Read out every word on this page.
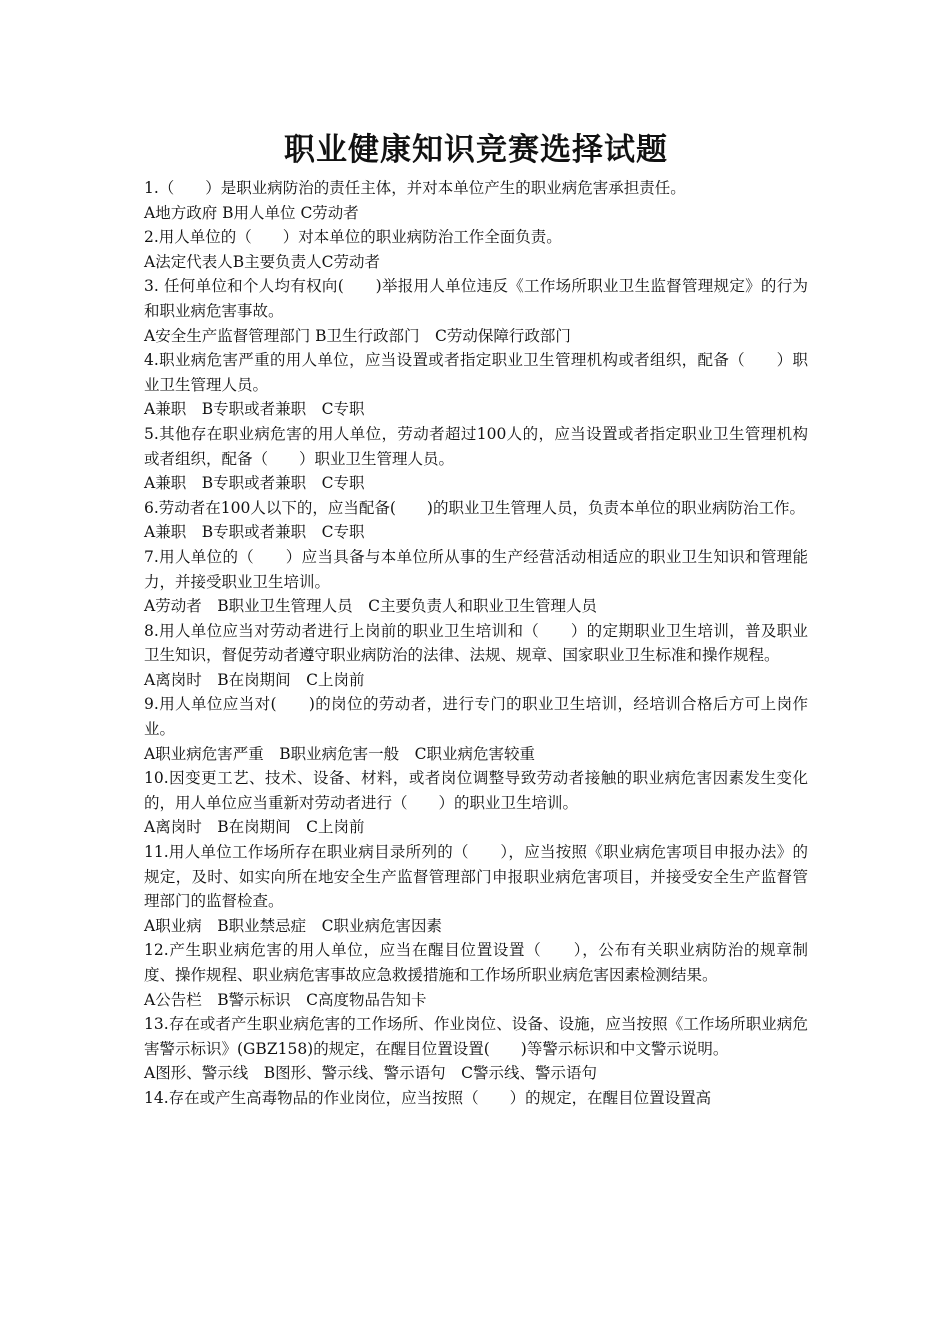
职业健康知识竞赛选择试题

1.（　　）是职业病防治的责任主体，并对本单位产生的职业病危害承担责任。

A地方政府 B用人单位 C劳动者

2.用人单位的（　　）对本单位的职业病防治工作全面负责。

A法定代表人B主要负责人C劳动者

3. 任何单位和个人均有权向(　　)举报用人单位违反《工作场所职业卫生监督管理规定》的行为和职业病危害事故。

A安全生产监督管理部门 B卫生行政部门　C劳动保障行政部门

4.职业病危害严重的用人单位，应当设置或者指定职业卫生管理机构或者组织，配备（　　）职业卫生管理人员。

A兼职　B专职或者兼职　C专职

5.其他存在职业病危害的用人单位，劳动者超过100人的，应当设置或者指定职业卫生管理机构或者组织，配备（　　）职业卫生管理人员。

A兼职　B专职或者兼职　C专职

6.劳动者在100人以下的，应当配备(　　)的职业卫生管理人员，负责本单位的职业病防治工作。

A兼职　B专职或者兼职　C专职

7.用人单位的（　　）应当具备与本单位所从事的生产经营活动相适应的职业卫生知识和管理能力，并接受职业卫生培训。

A劳动者　B职业卫生管理人员　C主要负责人和职业卫生管理人员

8.用人单位应当对劳动者进行上岗前的职业卫生培训和（　　）的定期职业卫生培训，普及职业卫生知识，督促劳动者遵守职业病防治的法律、法规、规章、国家职业卫生标准和操作规程。

A离岗时　B在岗期间　C上岗前

9.用人单位应当对(　　)的岗位的劳动者，进行专门的职业卫生培训，经培训合格后方可上岗作业。

A职业病危害严重　B职业病危害一般　C职业病危害较重

10.因变更工艺、技术、设备、材料，或者岗位调整导致劳动者接触的职业病危害因素发生变化的，用人单位应当重新对劳动者进行（　　）的职业卫生培训。

A离岗时　B在岗期间　C上岗前

11.用人单位工作场所存在职业病目录所列的（　　），应当按照《职业病危害项目申报办法》的规定，及时、如实向所在地安全生产监督管理部门申报职业病危害项目，并接受安全生产监督管理部门的监督检查。

A职业病　B职业禁忌症　C职业病危害因素

12.产生职业病危害的用人单位，应当在醒目位置设置（　　），公布有关职业病防治的规章制度、操作规程、职业病危害事故应急救援措施和工作场所职业病危害因素检测结果。

A公告栏　B警示标识　C高度物品告知卡

13.存在或者产生职业病危害的工作场所、作业岗位、设备、设施，应当按照《工作场所职业病危害警示标识》(GBZ158)的规定，在醒目位置设置(　　)等警示标识和中文警示说明。

A图形、警示线　B图形、警示线、警示语句　C警示线、警示语句

14.存在或产生高毒物品的作业岗位，应当按照（　　）的规定，在醒目位置设置高
